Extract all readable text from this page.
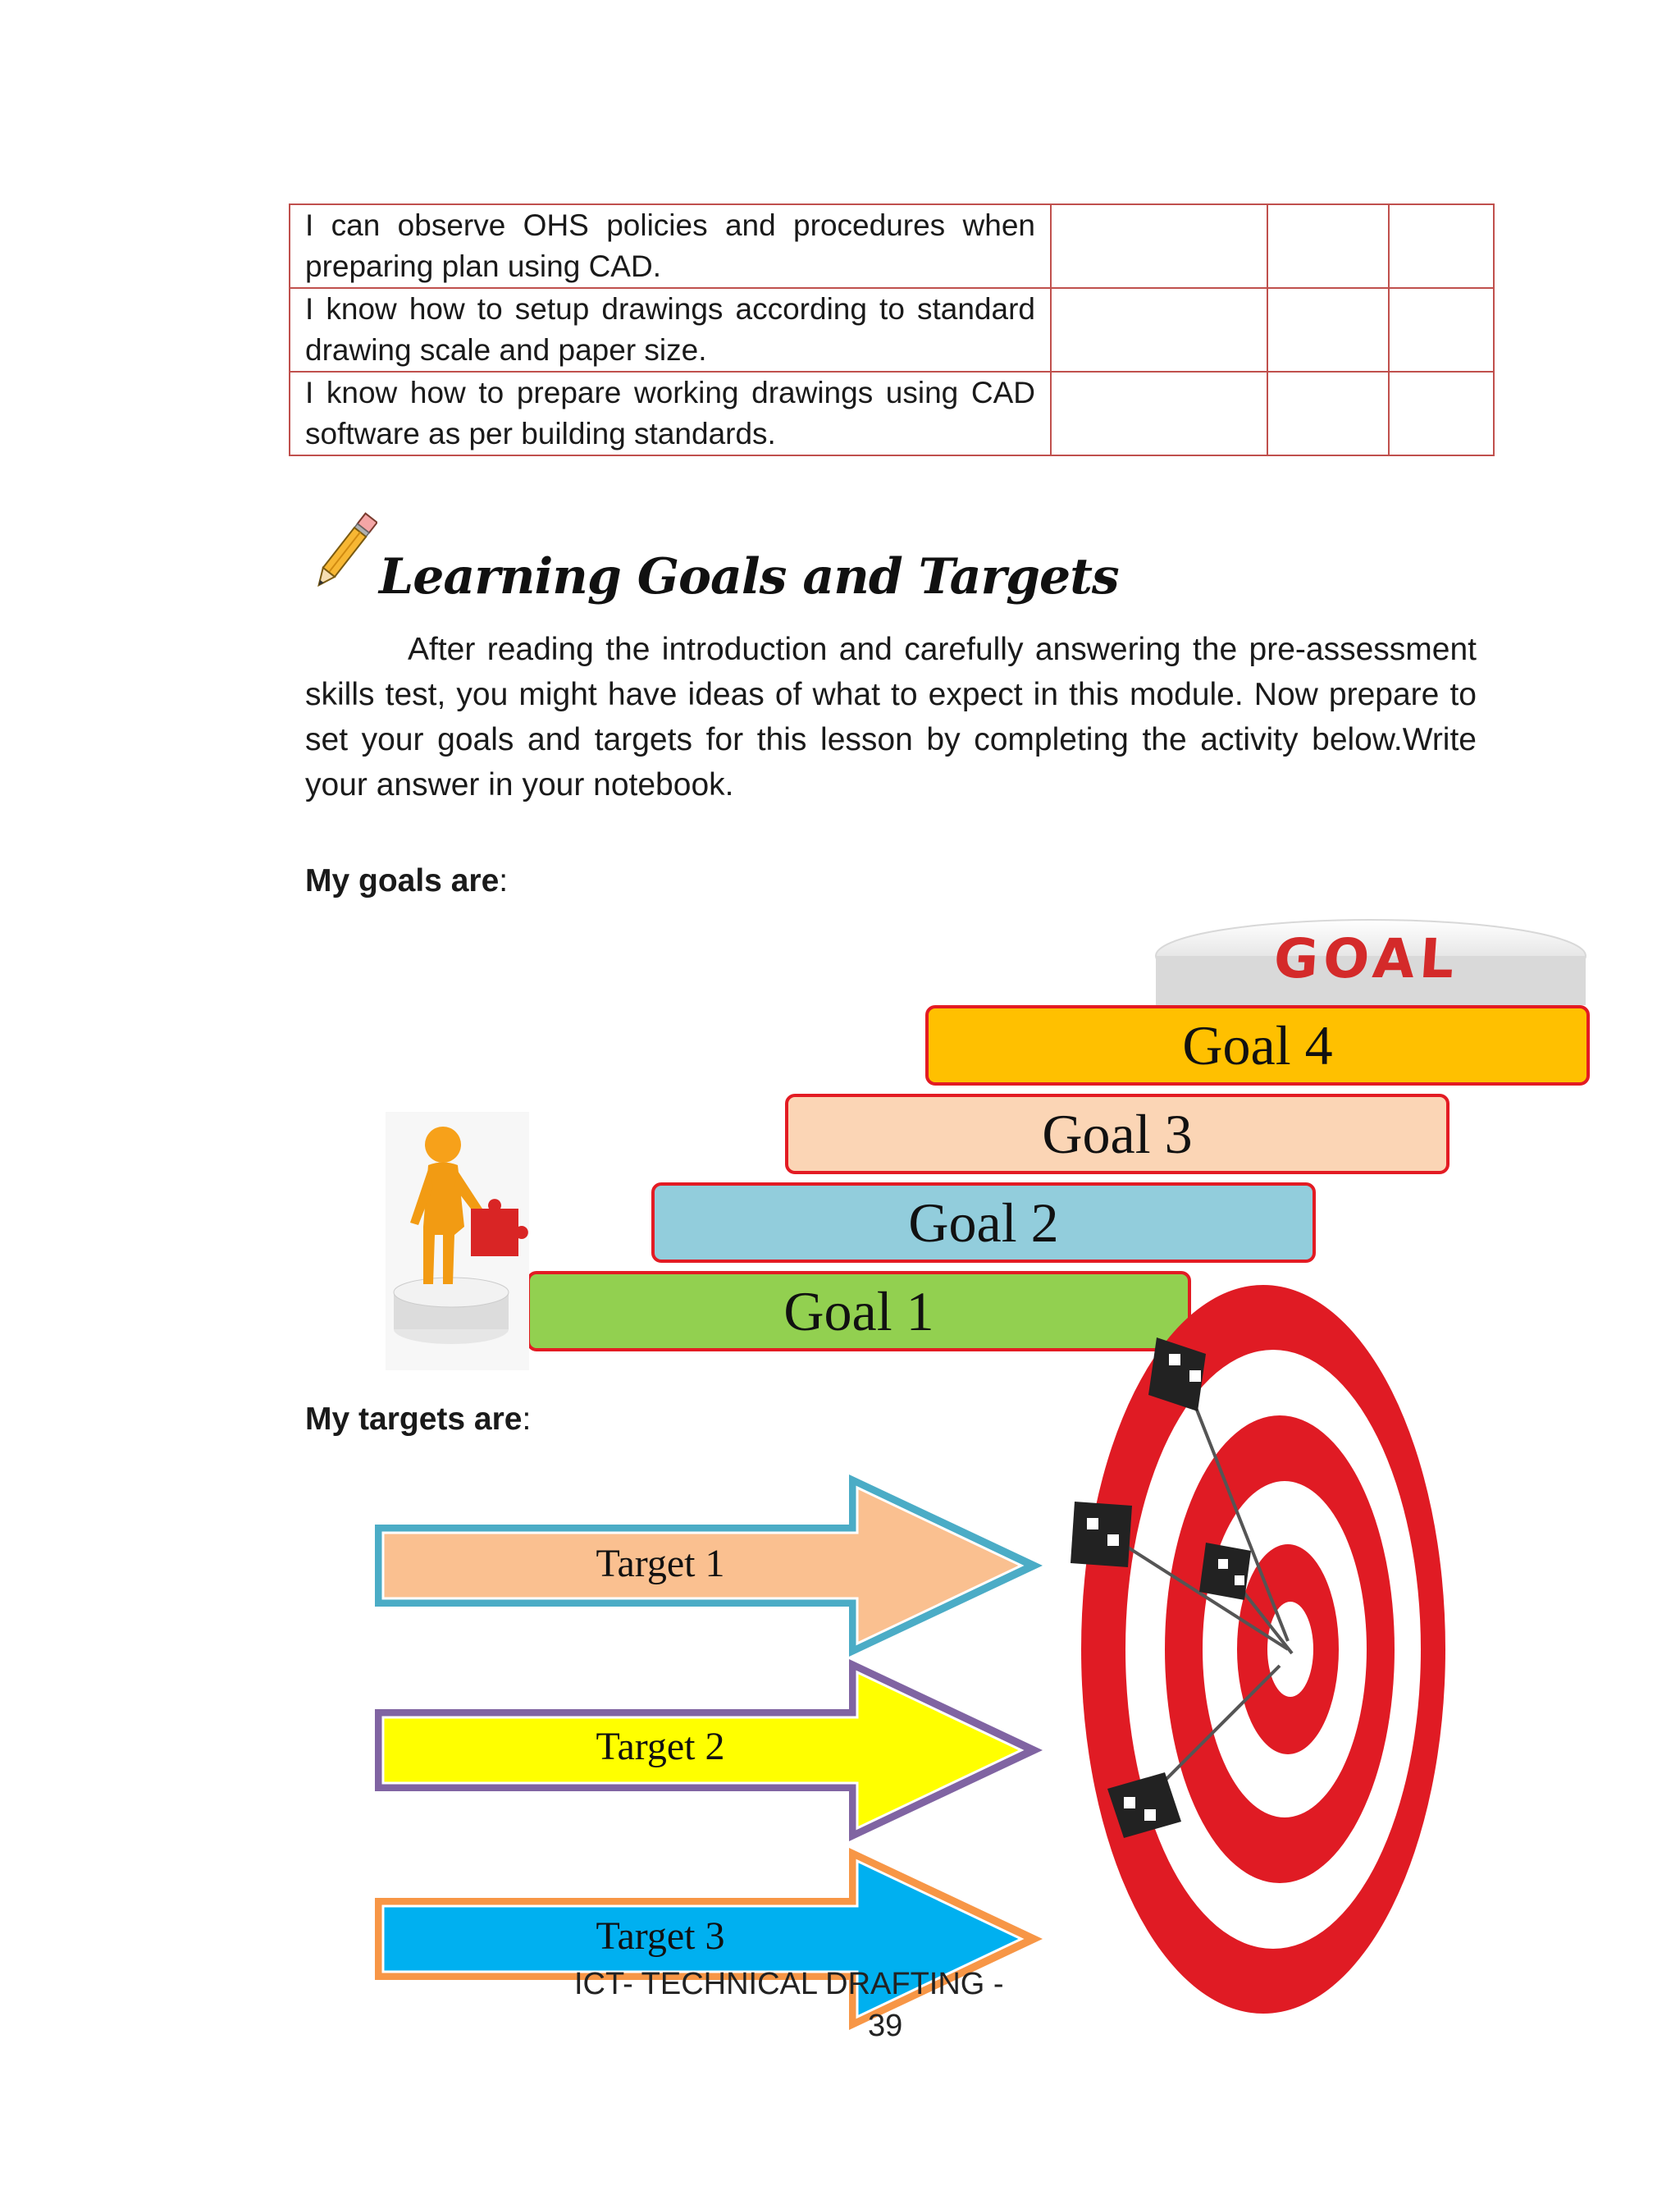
I can observe OHS policies and procedures when preparing plan using CAD.			
I know how to setup drawings according to standard drawing scale and paper size.			
I know how to prepare working drawings using CAD software as per building standards.			
Learning Goals and Targets

After reading the introduction and carefully answering the pre-assessment skills test, you might have ideas of what to expect in this module. Now prepare to set your goals and targets for this lesson by completing the activity below.Write your answer in your notebook.

My goals are:
GOAL
Goal 4
Goal 3
Goal 2
Goal 1
My targets are:
Target 1
Target 2
Target 3
ICT- TECHNICAL DRAFTING -
39
